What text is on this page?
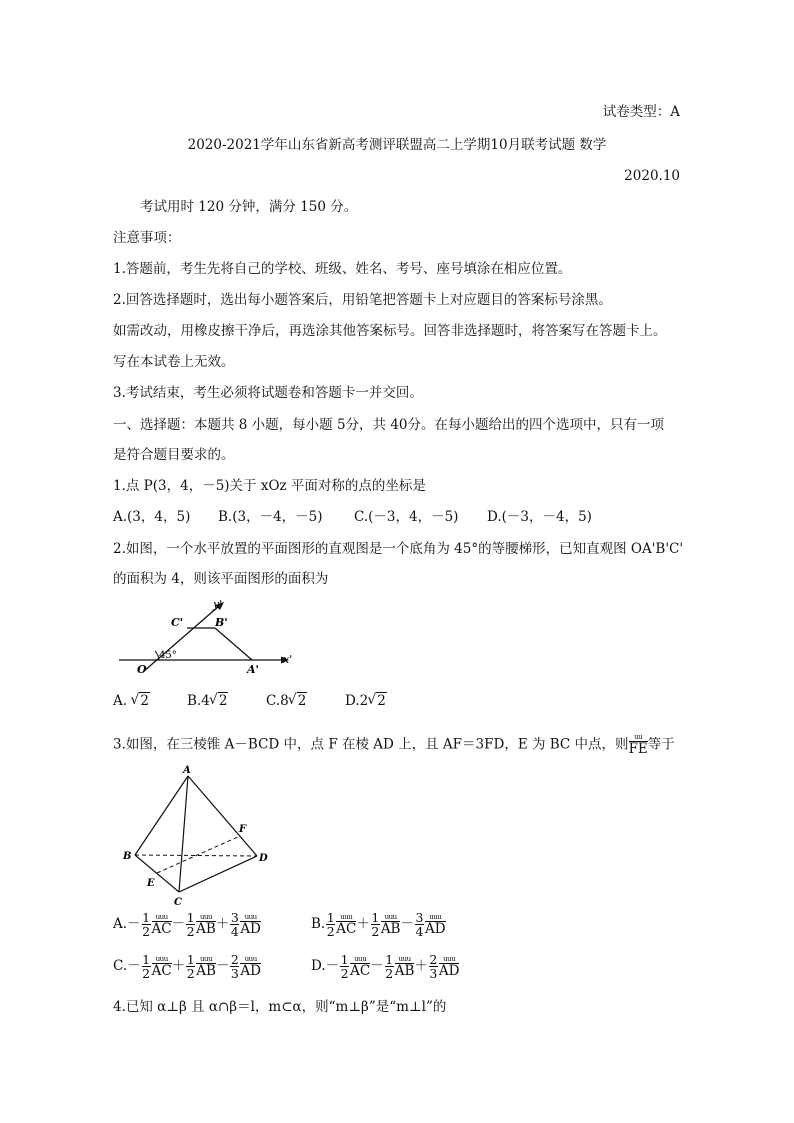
试卷类型：A
2020-2021学年山东省新高考测评联盟高二上学期10月联考试题 数学
2020.10
考试用时 120 分钟，满分 150 分。
注意事项：
1.答题前，考生先将自己的学校、班级、姓名、考号、座号填涂在相应位置。
2.回答选择题时，选出每小题答案后，用铅笔把答题卡上对应题目的答案标号涂黑。
如需改动，用橡皮擦干净后，再选涂其他答案标号。回答非选择题时，将答案写在答题卡上。
写在本试卷上无效。
3.考试结束，考生必须将试题卷和答题卡一并交回。
一、选择题：本题共 8 小题，每小题 5分，共 40分。在每小题给出的四个选项中，只有一项
是符合题目要求的。
1.点 P(3，4，－5)关于 xOz 平面对称的点的坐标是
A.(3，4，5) B.(3，－4，－5) C.(－3，4，－5) D.(－3，－4，5)
2.如图，一个水平放置的平面图形的直观图是一个底角为 45°的等腰梯形，已知直观图 OA'B'C'
的面积为 4，则该平面图形的面积为
y'
x'
C'	B'
O	A'
45°
A. √ 2	B.4 √ 2	C.8 √ 2	D.2 √ 2
3.如图，在三棱锥 A－BCD 中，点 F 在棱 AD 上，且 AF＝3FD，E 为 BC 中点，则 uu
FE 等于
A
B
C
D
E
F
$A.- \frac{1}{2}$ uuu
AC － $\frac{1}{2}$ uuu
AB ＋ $\frac{3}{4}$ uuu
AD	B. $\frac{1}{2}$ uuu
AC ＋ $\frac{1}{2}$ uuu
AB － $\frac{3}{4}$ uuu
AD
$C.- \frac{1}{2}$ uuu
AC ＋ $\frac{1}{2}$ uuu
AB － $\frac{2}{3}$ uuu
AD	$D.- \frac{1}{2}$ uuu
AC － $\frac{1}{2}$ uuu
AB ＋ $\frac{2}{3}$ uuu
AD
4.已知 α⊥β 且 α∩β＝l，m⊂α，则“m⊥β”是“m⊥l”的
